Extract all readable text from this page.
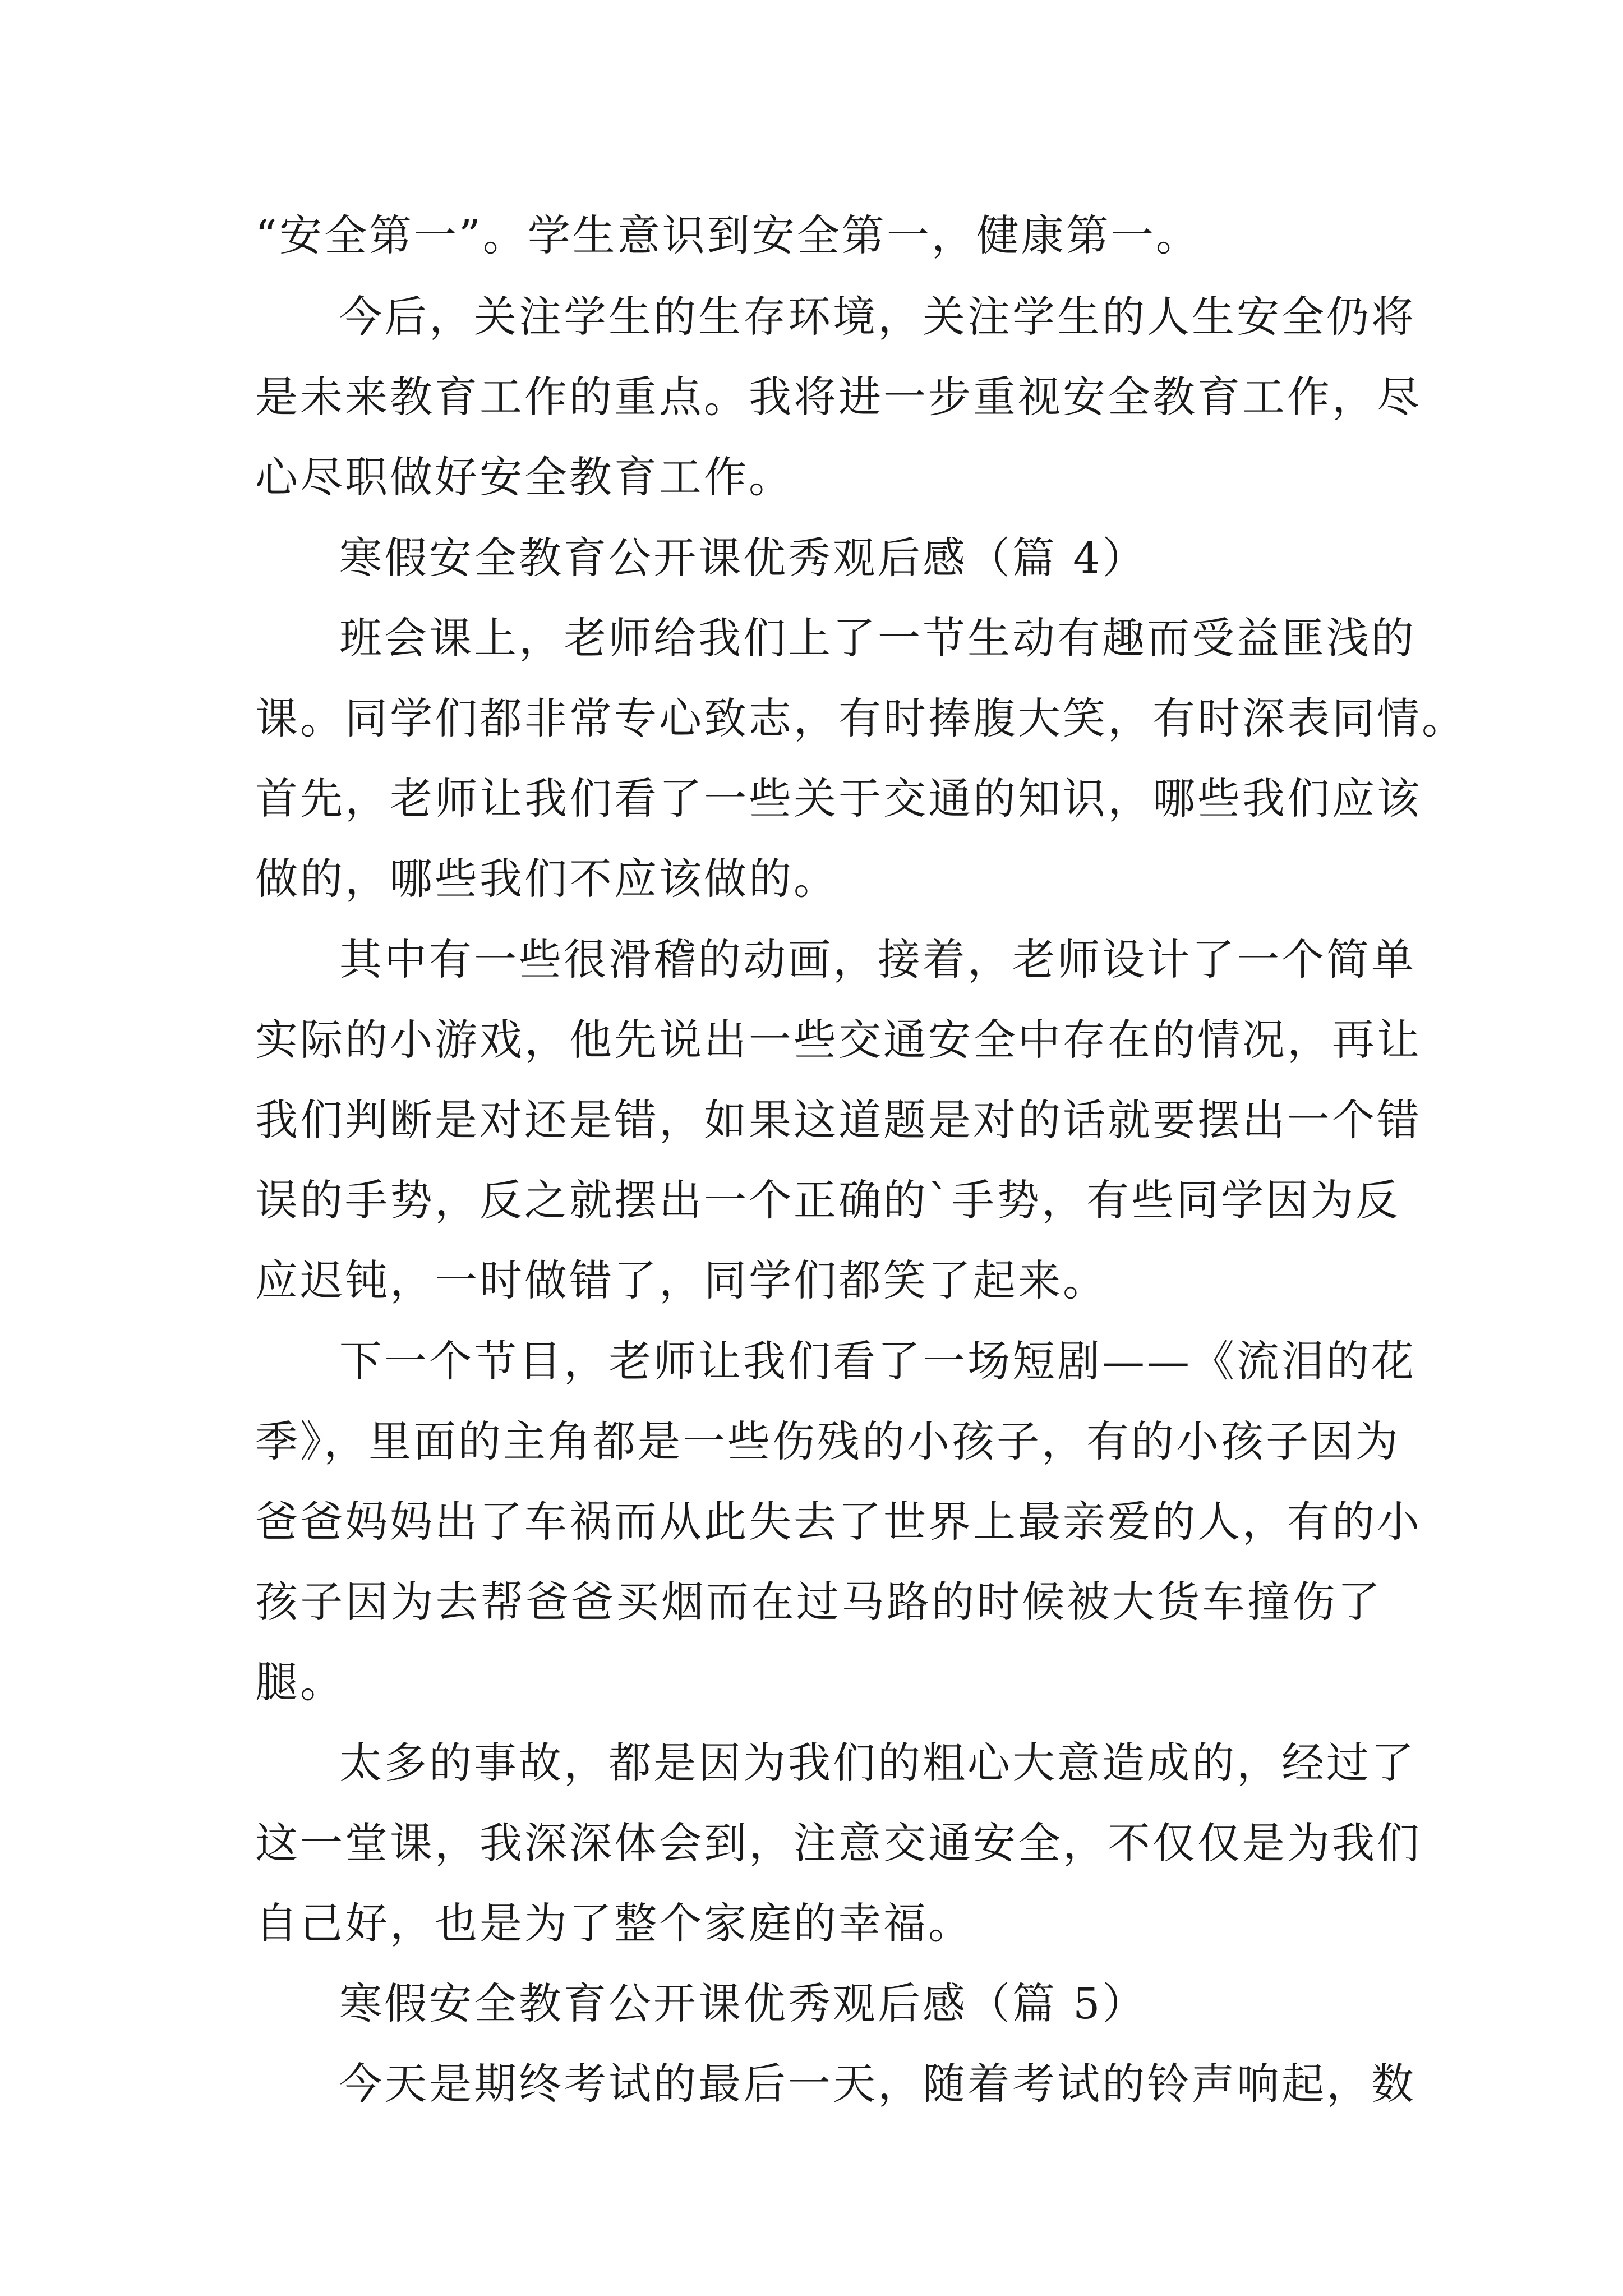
“安全第一”。学生意识到安全第一，健康第一。
今后，关注学生的生存环境，关注学生的人生安全仍将
是未来教育工作的重点。我将进一步重视安全教育工作，尽
心尽职做好安全教育工作。
寒假安全教育公开课优秀观后感（篇 4）
班会课上，老师给我们上了一节生动有趣而受益匪浅的
课。同学们都非常专心致志，有时捧腹大笑，有时深表同情。
首先，老师让我们看了一些关于交通的知识，哪些我们应该
做的，哪些我们不应该做的。
其中有一些很滑稽的动画，接着，老师设计了一个简单
实际的小游戏，他先说出一些交通安全中存在的情况，再让
我们判断是对还是错，如果这道题是对的话就要摆出一个错
误的手势，反之就摆出一个正确的`手势，有些同学因为反
应迟钝，一时做错了，同学们都笑了起来。
下一个节目，老师让我们看了一场短剧——《流泪的花
季》，里面的主角都是一些伤残的小孩子，有的小孩子因为
爸爸妈妈出了车祸而从此失去了世界上最亲爱的人，有的小
孩子因为去帮爸爸买烟而在过马路的时候被大货车撞伤了
腿。
太多的事故，都是因为我们的粗心大意造成的，经过了
这一堂课，我深深体会到，注意交通安全，不仅仅是为我们
自己好，也是为了整个家庭的幸福。
寒假安全教育公开课优秀观后感（篇 5）
今天是期终考试的最后一天，随着考试的铃声响起，数
